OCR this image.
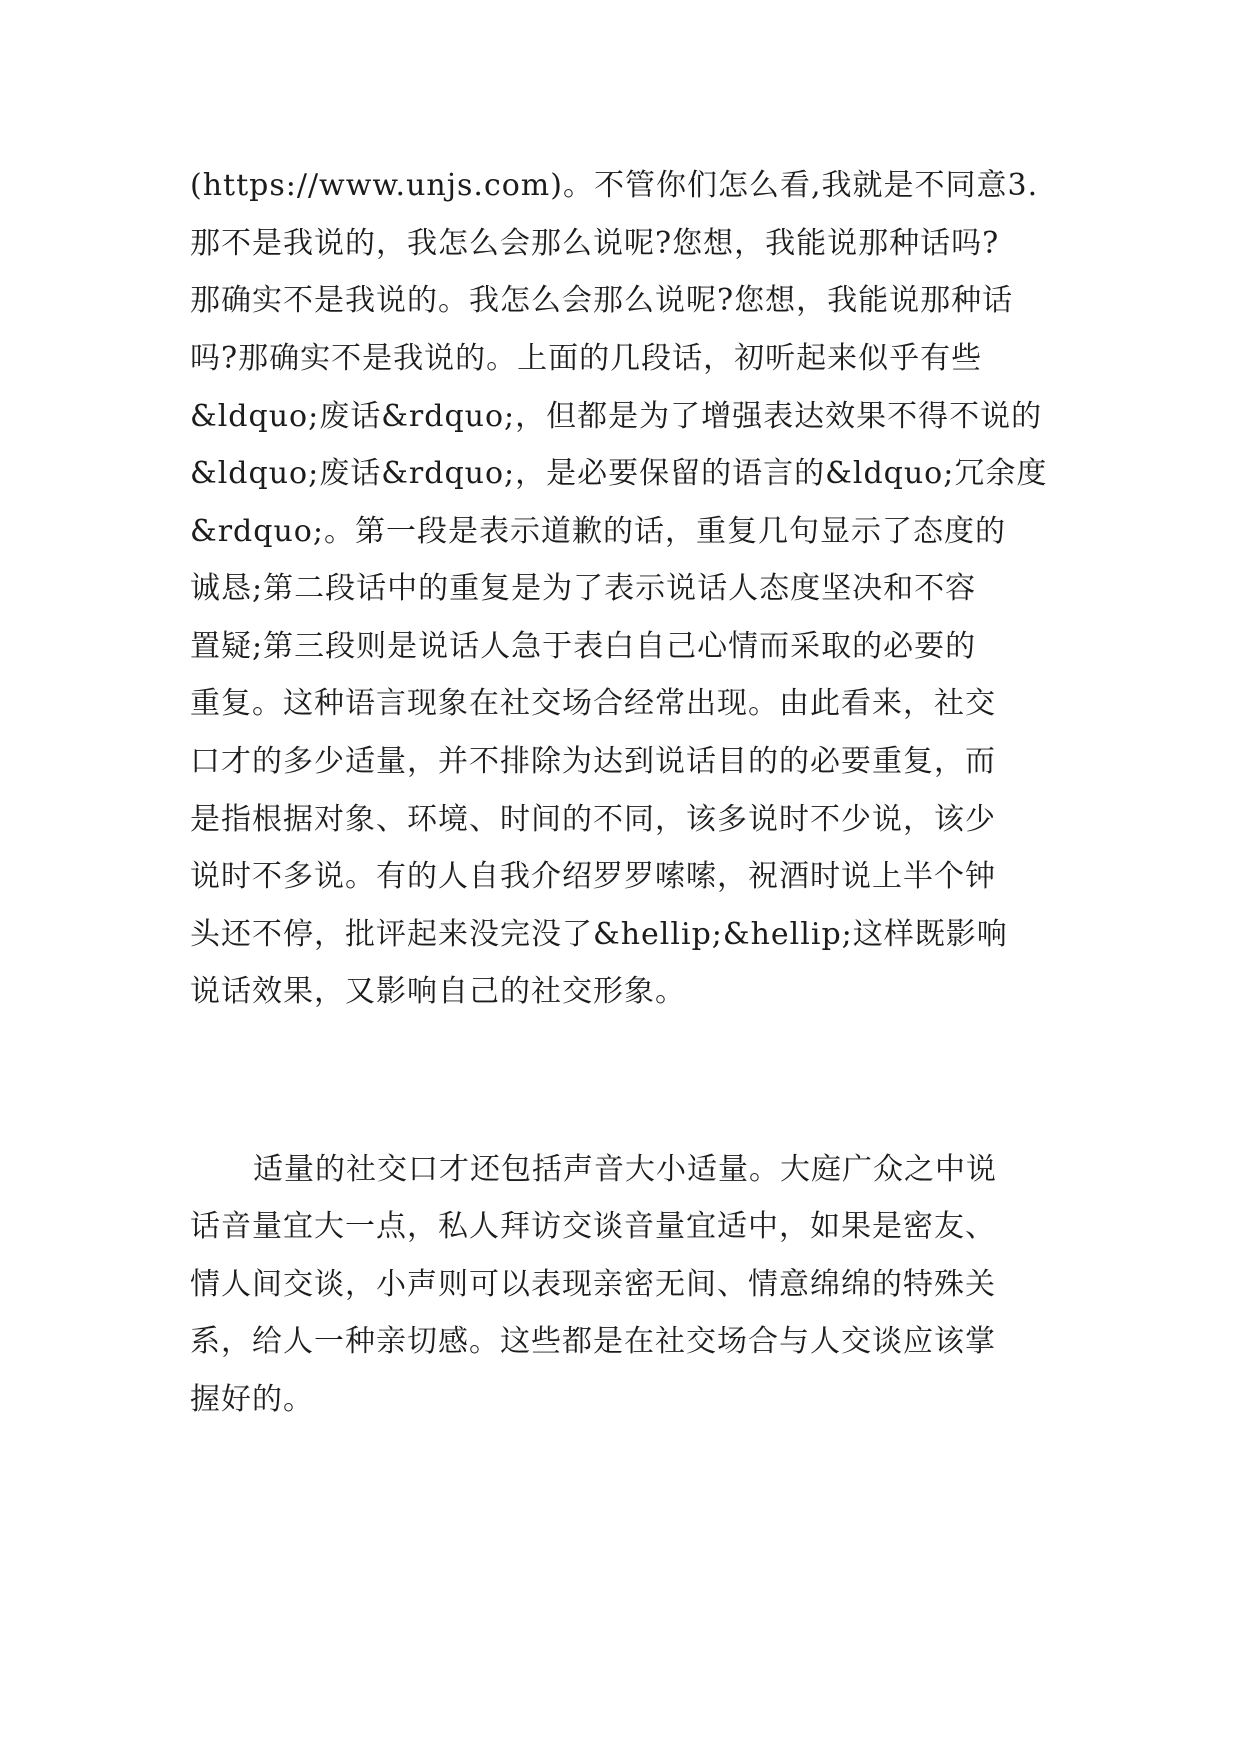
(https://www.unjs.com)。不管你们怎么看,我就是不同意3.
那不是我说的，我怎么会那么说呢?您想，我能说那种话吗?
那确实不是我说的。我怎么会那么说呢?您想，我能说那种话
吗?那确实不是我说的。上面的几段话，初听起来似乎有些
&ldquo;废话&rdquo;，但都是为了增强表达效果不得不说的
&ldquo;废话&rdquo;，是必要保留的语言的&ldquo;冗余度
&rdquo;。第一段是表示道歉的话，重复几句显示了态度的
诚恳;第二段话中的重复是为了表示说话人态度坚决和不容
置疑;第三段则是说话人急于表白自己心情而采取的必要的
重复。这种语言现象在社交场合经常出现。由此看来，社交
口才的多少适量，并不排除为达到说话目的的必要重复，而
是指根据对象、环境、时间的不同，该多说时不少说，该少
说时不多说。有的人自我介绍罗罗嗦嗦，祝酒时说上半个钟
头还不停，批评起来没完没了&hellip;&hellip;这样既影响
说话效果，又影响自己的社交形象。
适量的社交口才还包括声音大小适量。大庭广众之中说
话音量宜大一点，私人拜访交谈音量宜适中，如果是密友、
情人间交谈，小声则可以表现亲密无间、情意绵绵的特殊关
系，给人一种亲切感。这些都是在社交场合与人交谈应该掌
握好的。
